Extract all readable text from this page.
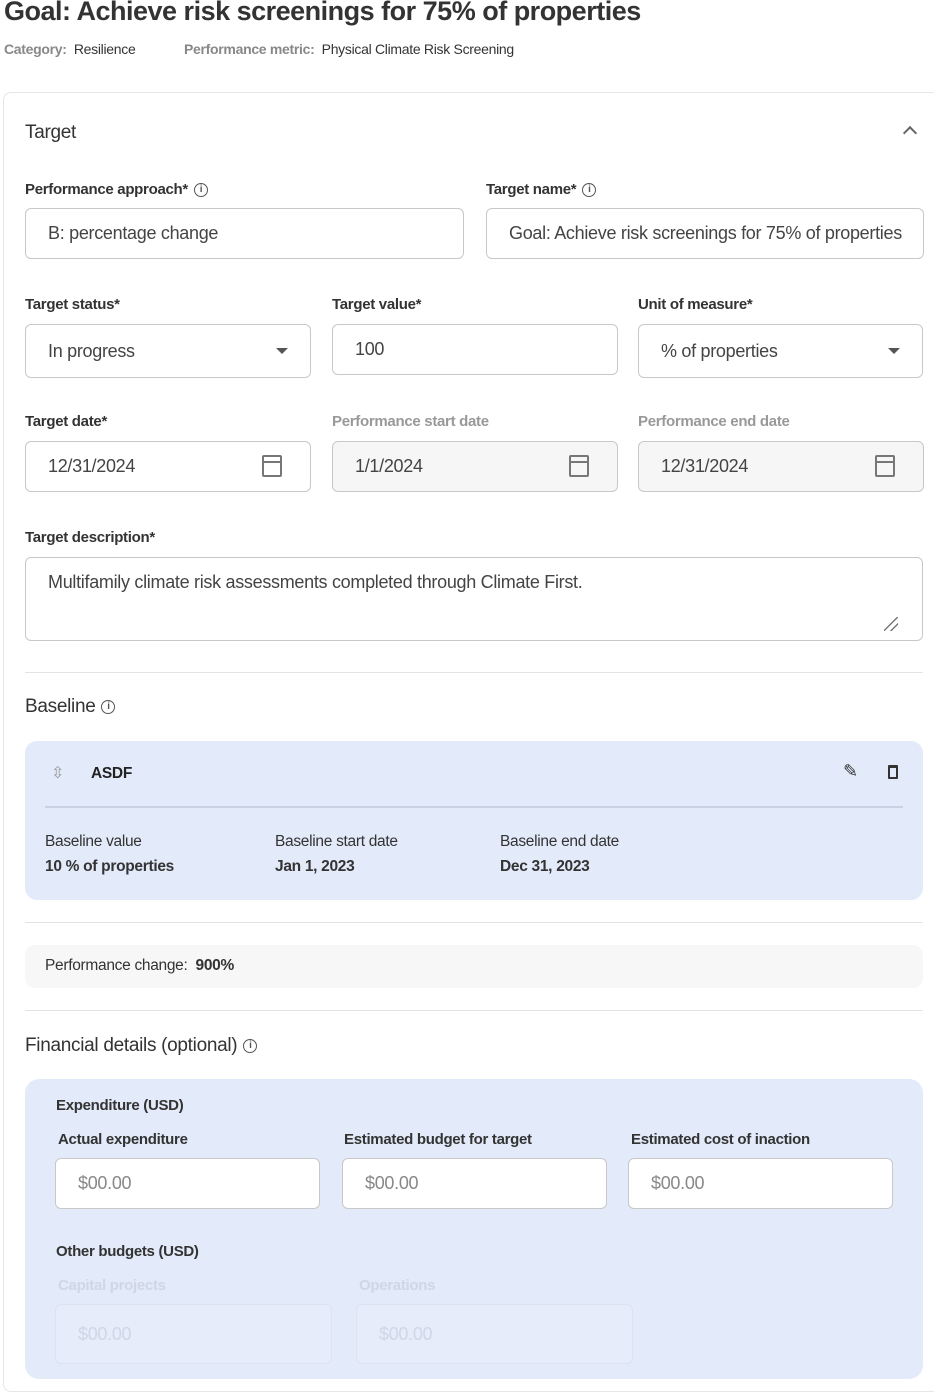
Goal: Achieve risk screenings for 75% of properties
Category: Resilience	Performance metric: Physical Climate Risk Screening
Target
Performance approach* i
B: percentage change
Target name* i
Goal: Achieve risk screenings for 75% of properties
Target status*
In progress
Target value*
100
Unit of measure*
% of properties
Target date*
12/31/2024
Performance start date
1/1/2024
Performance end date
12/31/2024
Target description*
Multifamily climate risk assessments completed through Climate First.
Baseline i
⇳ ASDF	✎
Baseline value
10 % of properties
Baseline start date
Jan 1, 2023
Baseline end date
Dec 31, 2023
Performance change: 900%
Financial details (optional) i
Expenditure (USD)
Actual expenditure
$00.00
Estimated budget for target
$00.00
Estimated cost of inaction
$00.00
Other budgets (USD)
Capital projects
$00.00
Operations
$00.00
